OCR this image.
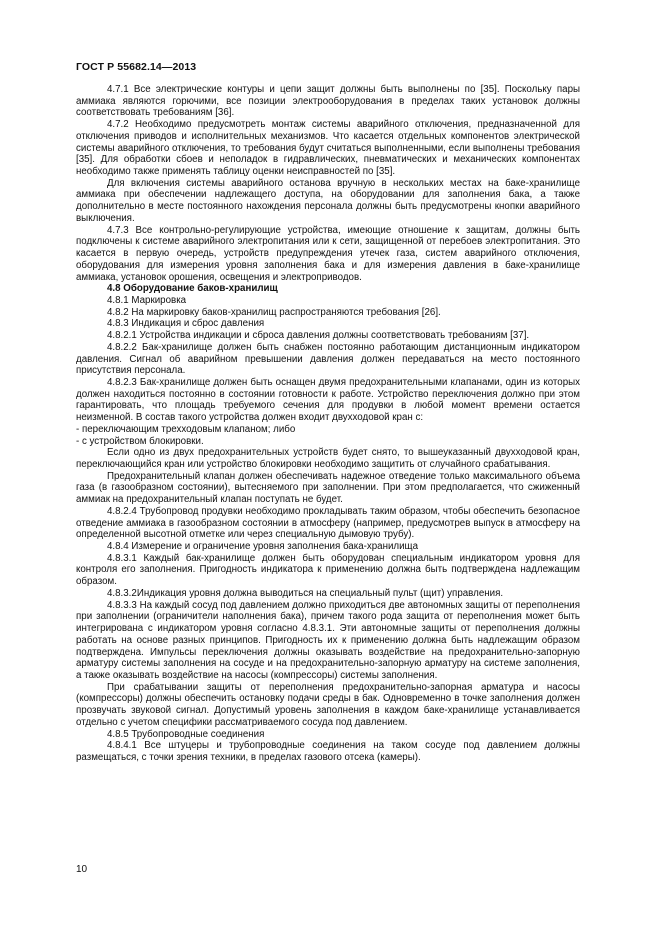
ГОСТ Р 55682.14—2013

4.7.1 Все электрические контуры и цепи защит должны быть выполнены по [35]. Поскольку пары аммиака являются горючими, все позиции электрооборудования в пределах таких установок должны соответствовать требованиям [36].

4.7.2 Необходимо предусмотреть монтаж системы аварийного отключения, предназначенной для отключения приводов и исполнительных механизмов. Что касается отдельных компонентов электрической системы аварийного отключения, то требования будут считаться выполненными, если выполнены требования [35]. Для обработки сбоев и неполадок в гидравлических, пневматических и механических компонентах необходимо также применять таблицу оценки неисправностей по [35].

Для включения системы аварийного останова вручную в нескольких местах на баке-хранилище аммиака при обеспечении надлежащего доступа, на оборудовании для заполнения бака, а также дополнительно в месте постоянного нахождения персонала должны быть предусмотрены кнопки аварийного выключения.

4.7.3 Все контрольно-регулирующие устройства, имеющие отношение к защитам, должны быть подключены к системе аварийного электропитания или к сети, защищенной от перебоев электропитания. Это касается в первую очередь, устройств предупреждения утечек газа, систем аварийного отключения, оборудования для измерения уровня заполнения бака и для измерения давления в баке-хранилище аммиака, установок орошения, освещения и электроприводов.

4.8 Оборудование баков-хранилищ

4.8.1 Маркировка

4.8.2 На маркировку баков-хранилищ распространяются требования [26].

4.8.3 Индикация и сброс давления

4.8.2.1 Устройства индикации и сброса давления должны соответствовать требованиям [37].

4.8.2.2 Бак-хранилище должен быть снабжен постоянно работающим дистанционным индикатором давления. Сигнал об аварийном превышении давления должен передаваться на место постоянного присутствия персонала.

4.8.2.3 Бак-хранилище должен быть оснащен двумя предохранительными клапанами, один из которых должен находиться постоянно в состоянии готовности к работе. Устройство переключения должно при этом гарантировать, что площадь требуемого сечения для продувки в любой момент времени остается неизменной. В состав такого устройства должен входит двухходовой кран с:

- переключающим трехходовым клапаном; либо

- с устройством блокировки.

Если одно из двух предохранительных устройств будет снято, то вышеуказанный двухходовой кран, переключающийся кран или устройство блокировки необходимо защитить от случайного срабатывания.

Предохранительный клапан должен обеспечивать надежное отведение только максимального объема газа (в газообразном состоянии), вытесняемого при заполнении. При этом предполагается, что сжиженный аммиак на предохранительный клапан поступать не будет.

4.8.2.4 Трубопровод продувки необходимо прокладывать таким образом, чтобы обеспечить безопасное отведение аммиака в газообразном состоянии в атмосферу (например, предусмотрев выпуск в атмосферу на определенной высотной отметке или через специальную дымовую трубу).

4.8.4 Измерение и ограничение уровня заполнения бака-хранилища

4.8.3.1 Каждый бак-хранилище должен быть оборудован специальным индикатором уровня для контроля его заполнения. Пригодность индикатора к применению должна быть подтверждена надлежащим образом.

4.8.3.2Индикация уровня должна выводиться на специальный пульт (щит) управления.

4.8.3.3 На каждый сосуд под давлением должно приходиться две автономных защиты от переполнения при заполнении (ограничители наполнения бака), причем такого рода защита от переполнения может быть интегрирована с индикатором уровня согласно 4.8.3.1. Эти автономные защиты от переполнения должны работать на основе разных принципов. Пригодность их к применению должна быть надлежащим образом подтверждена. Импульсы переключения должны оказывать воздействие на предохранительно-запорную арматуру системы заполнения на сосуде и на предохранительно-запорную арматуру на системе заполнения, а также оказывать воздействие на насосы (компрессоры) системы заполнения.

При срабатывании защиты от переполнения предохранительно-запорная арматура и насосы (компрессоры) должны обеспечить остановку подачи среды в бак. Одновременно в точке заполнения должен прозвучать звуковой сигнал. Допустимый уровень заполнения в каждом баке-хранилище устанавливается отдельно с учетом специфики рассматриваемого сосуда под давлением.

4.8.5 Трубопроводные соединения

4.8.4.1 Все штуцеры и трубопроводные соединения на таком сосуде под давлением должны размещаться, с точки зрения техники, в пределах газового отсека (камеры).

10
